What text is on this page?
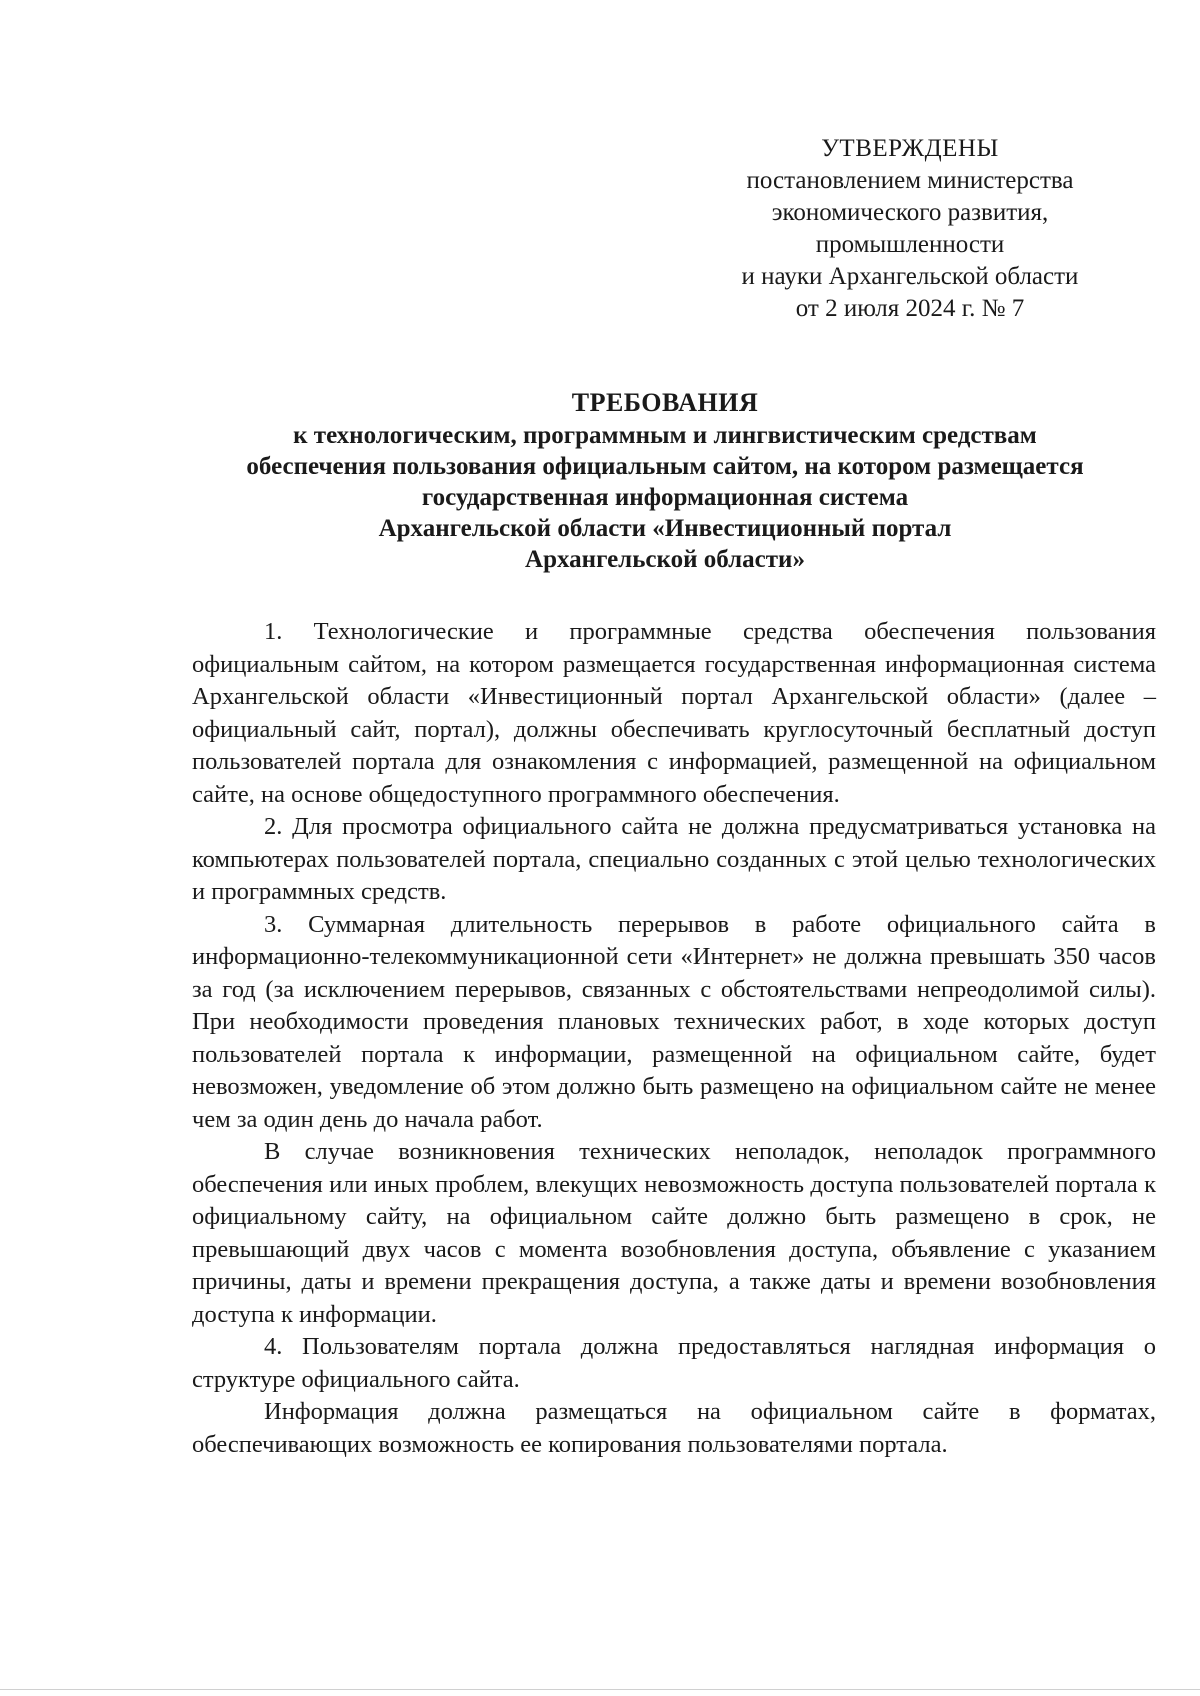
УТВЕРЖДЕНЫ
постановлением министерства
экономического развития,
промышленности
и науки Архангельской области
от 2 июля 2024 г. № 7
ТРЕБОВАНИЯ
к технологическим, программным и лингвистическим средствам
обеспечения пользования официальным сайтом, на котором размещается
государственная информационная система
Архангельской области «Инвестиционный портал
Архангельской области»

1. Технологические и программные средства обеспечения пользования официальным сайтом, на котором размещается государственная информационная система Архангельской области «Инвестиционный портал Архангельской области» (далее – официальный сайт, портал), должны обеспечивать круглосуточный бесплатный доступ пользователей портала для ознакомления с информацией, размещенной на официальном сайте, на основе общедоступного программного обеспечения.

2. Для просмотра официального сайта не должна предусматриваться установка на компьютерах пользователей портала, специально созданных с этой целью технологических и программных средств.

3. Суммарная длительность перерывов в работе официального сайта в информационно-телекоммуникационной сети «Интернет» не должна превышать 350 часов за год (за исключением перерывов, связанных с обстоятельствами непреодолимой силы). При необходимости проведения плановых технических работ, в ходе которых доступ пользователей портала к информации, размещенной на официальном сайте, будет невозможен, уведомление об этом должно быть размещено на официальном сайте не менее чем за один день до начала работ.

В случае возникновения технических неполадок, неполадок программного обеспечения или иных проблем, влекущих невозможность доступа пользователей портала к официальному сайту, на официальном сайте должно быть размещено в срок, не превышающий двух часов с момента возобновления доступа, объявление с указанием причины, даты и времени прекращения доступа, а также даты и времени возобновления доступа к информации.

4. Пользователям портала должна предоставляться наглядная информация о структуре официального сайта.

Информация должна размещаться на официальном сайте в форматах, обеспечивающих возможность ее копирования пользователями портала.
